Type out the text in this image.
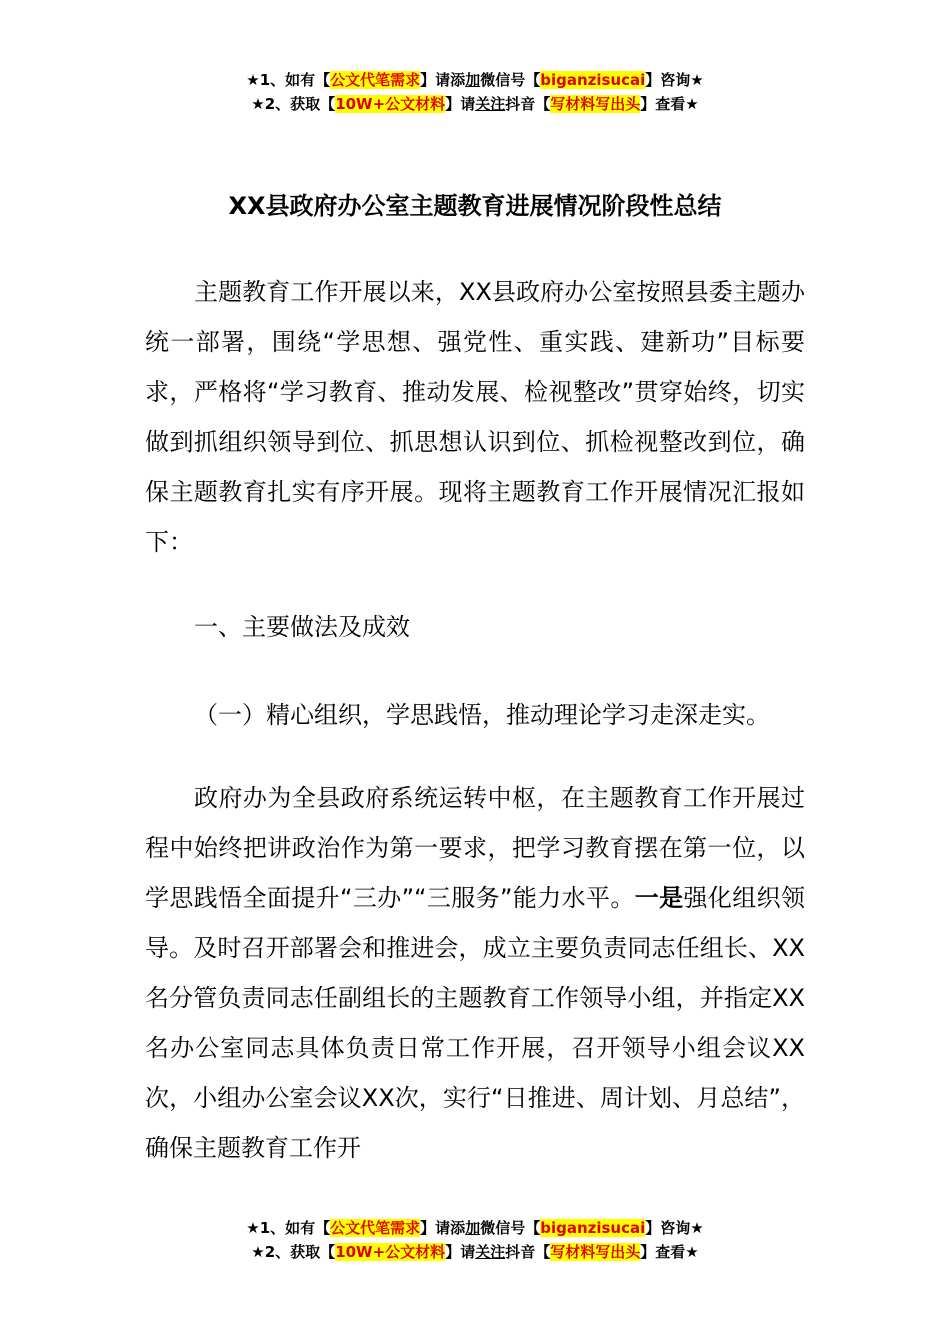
★1、如有【公文代笔需求】请添加微信号【biganzisucai】咨询★
★2、获取【10W+公文材料】请关注抖音【写材料写出头】查看★
XX县政府办公室主题教育进展情况阶段性总结

主题教育工作开展以来，XX县政府办公室按照县委主题办统一部署，围绕“学思想、强党性、重实践、建新功”目标要求，严格将“学习教育、推动发展、检视整改”贯穿始终，切实做到抓组织领导到位、抓思想认识到位、抓检视整改到位，确保主题教育扎实有序开展。现将主题教育工作开展情况汇报如下：

一、主要做法及成效

（一）精心组织，学思践悟，推动理论学习走深走实。

政府办为全县政府系统运转中枢，在主题教育工作开展过程中始终把讲政治作为第一要求，把学习教育摆在第一位，以学思践悟全面提升“三办”“三服务”能力水平。一是强化组织领导。及时召开部署会和推进会，成立主要负责同志任组长、XX名分管负责同志任副组长的主题教育工作领导小组，并指定XX名办公室同志具体负责日常工作开展，召开领导小组会议XX次，小组办公室会议XX次，实行“日推进、周计划、月总结”，确保主题教育工作开

★1、如有【公文代笔需求】请添加微信号【biganzisucai】咨询★
★2、获取【10W+公文材料】请关注抖音【写材料写出头】查看★
